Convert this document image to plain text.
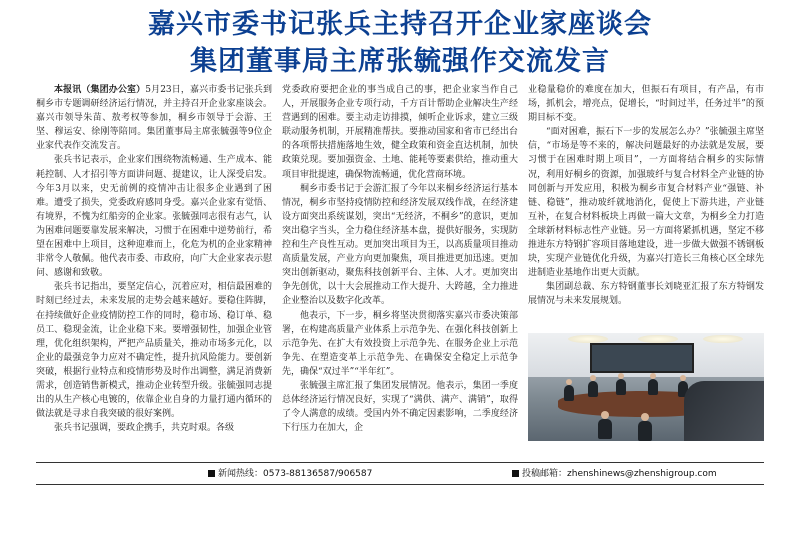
嘉兴市委书记张兵主持召开企业家座谈会
集团董事局主席张毓强作交流发言

本报讯（集团办公室）5月23日，嘉兴市委书记张兵到桐乡市专题调研经济运行情况，并主持召开企业家座谈会。嘉兴市领导朱苗、敖考权等参加，桐乡市领导于会游、王坚、穆运安、徐刚等陪同。集团董事局主席张毓强等9位企业家代表作交流发言。

张兵书记表示，企业家们围绕物流畅通、生产成本、能耗控制、人才招引等方面讲问题、提建议，让人深受启发。今年3月以来，史无前例的疫情冲击让很多企业遇到了困难。遭受了损失，党委政府感同身受。嘉兴企业家有觉悟、有境界，不愧为红船旁的企业家。张毓强同志很有志气，认为困难问题要靠发展来解决，习惯于在困难中逆势前行，希望在困难中上项目，这种迎难而上，化危为机的企业家精神非常令人敬佩。他代表市委、市政府，向广大企业家表示慰问、感谢和致敬。

张兵书记指出，要坚定信心，沉着应对，相信最困难的时刻已经过去，未来发展的走势会越来越好。要稳住阵脚，在持续做好企业疫情防控工作的同时，稳市场、稳订单、稳员工、稳现金流，让企业稳下来。要增强韧性，加强企业管理，优化组织架构，严把产品质量关，推动市场多元化，以企业的最强竞争力应对不确定性，提升抗风险能力。要创新突破，根据行业特点和疫情形势及时作出调整，满足消费新需求，创造销售新模式，推动企业转型升级。张毓强同志提出的从生产核心电镀的，依靠企业自身的力量打通内循环的做法就是寻求自我突破的很好案例。

张兵书记强调，要政企携手，共克时艰。各级

党委政府要把企业的事当成自己的事，把企业家当作自己人，开展服务企业专项行动，千方百计帮助企业解决生产经营遇到的困难。要主动走访排摸，倾听企业诉求，建立三级联动服务机制，开展精准帮扶。要推动国家和省市已经出台的各项帮扶措施落地生效，健全政策和资金直达机制，加快政策兑现。要加强资金、土地、能耗等要素供给，推动重大项目审批提速，确保物流畅通，优化营商环境。

桐乡市委书记于会游汇报了今年以来桐乡经济运行基本情况，桐乡市坚持疫情防控和经济发展双线作战，在经济建设方面突出系统谋划，突出“无经济，不桐乡”的意识，更加突出稳字当头，全力稳住经济基本盘，提供好服务，实现防控和生产良性互动。更加突出项目为王，以高质量项目推动高质量发展，产业方向更加聚焦，项目推进更加迅速。更加突出创新驱动，聚焦科技创新平台、主体、人才。更加突出争先创优，以十大会展推动工作大提升、大跨越，全力推进企业整治以及数字化改革。

他表示，下一步，桐乡将坚决贯彻落实嘉兴市委决策部署，在构建高质量产业体系上示范争先、在强化科技创新上示范争先、在扩大有效投资上示范争先、在服务企业上示范争先、在塑造变革上示范争先、在确保安全稳定上示范争先，确保“双过半”“半年红”。

张毓强主席汇报了集团发展情况。他表示，集团一季度总体经济运行情况良好，实现了“满供、满产、满销”，取得了令人满意的成绩。受国内外不确定因素影响，二季度经济下行压力在加大，企

业稳量稳价的难度在加大，但振石有项目，有产品，有市场，抓机会，增亮点，促增长，“时间过半，任务过半”的预期目标不变。

“面对困难，振石下一步的发展怎么办？”张毓强主席坚信，“市场是等不来的，解决问题最好的办法就是发展，要习惯于在困难时期上项目”，一方面将结合桐乡的实际情况，利用好桐乡的资源，加强玻纤与复合材料全产业链的协同创新与开发应用，积极为桐乡市复合材料产业“强链、补链、稳链”，推动玻纤就地消化，促使上下游共进，产业链互补，在复合材料板块上再做一篇大文章，为桐乡全力打造全球新材料标志性产业链。另一方面将紧抓机遇，坚定不移推进东方特钢扩容项目落地建设，进一步做大做强不锈钢板块，实现产业链优化升级，为嘉兴打造长三角核心区全球先进制造业基地作出更大贡献。

集团副总裁、东方特钢董事长刘晓亚汇报了东方特钢发展情况与未来发展规划。

新闻热线：0573-88136587/906587	投稿邮箱：zhenshinews@zhenshigroup.com
